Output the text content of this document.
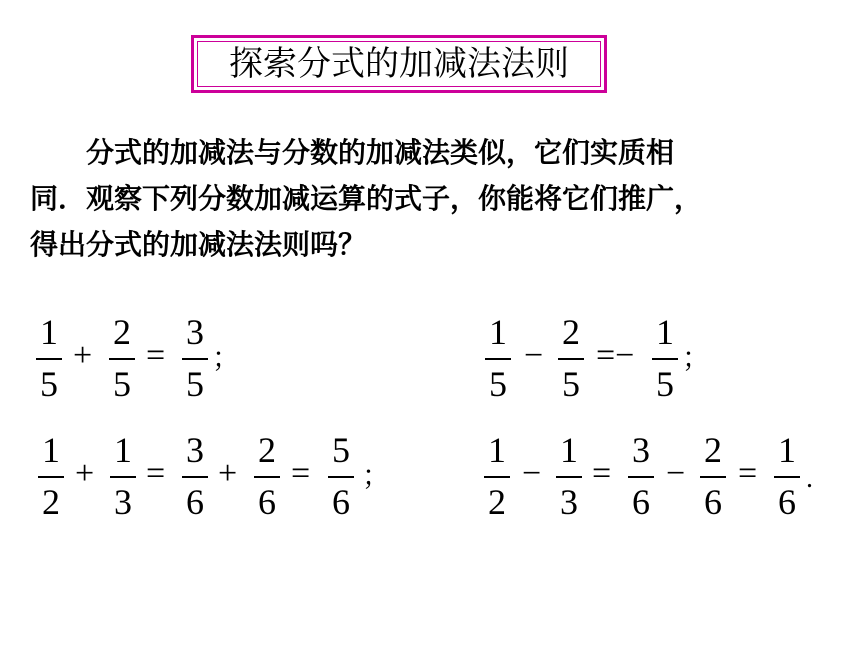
探索分式的加减法法则
　　分式的加减法与分数的加减法类似，它们实质相
同．观察下列分数加减运算的式子，你能将它们推广，
得出分式的加减法法则吗？
1
5
+
2
5
=
3
5
；
1
5
−
2
5
=−
1
5
；
1
2
+
1
3
=
3
6
+
2
6
=
5
6
；
1
2
−
1
3
=
3
6
−
2
6
=
1
6
.
